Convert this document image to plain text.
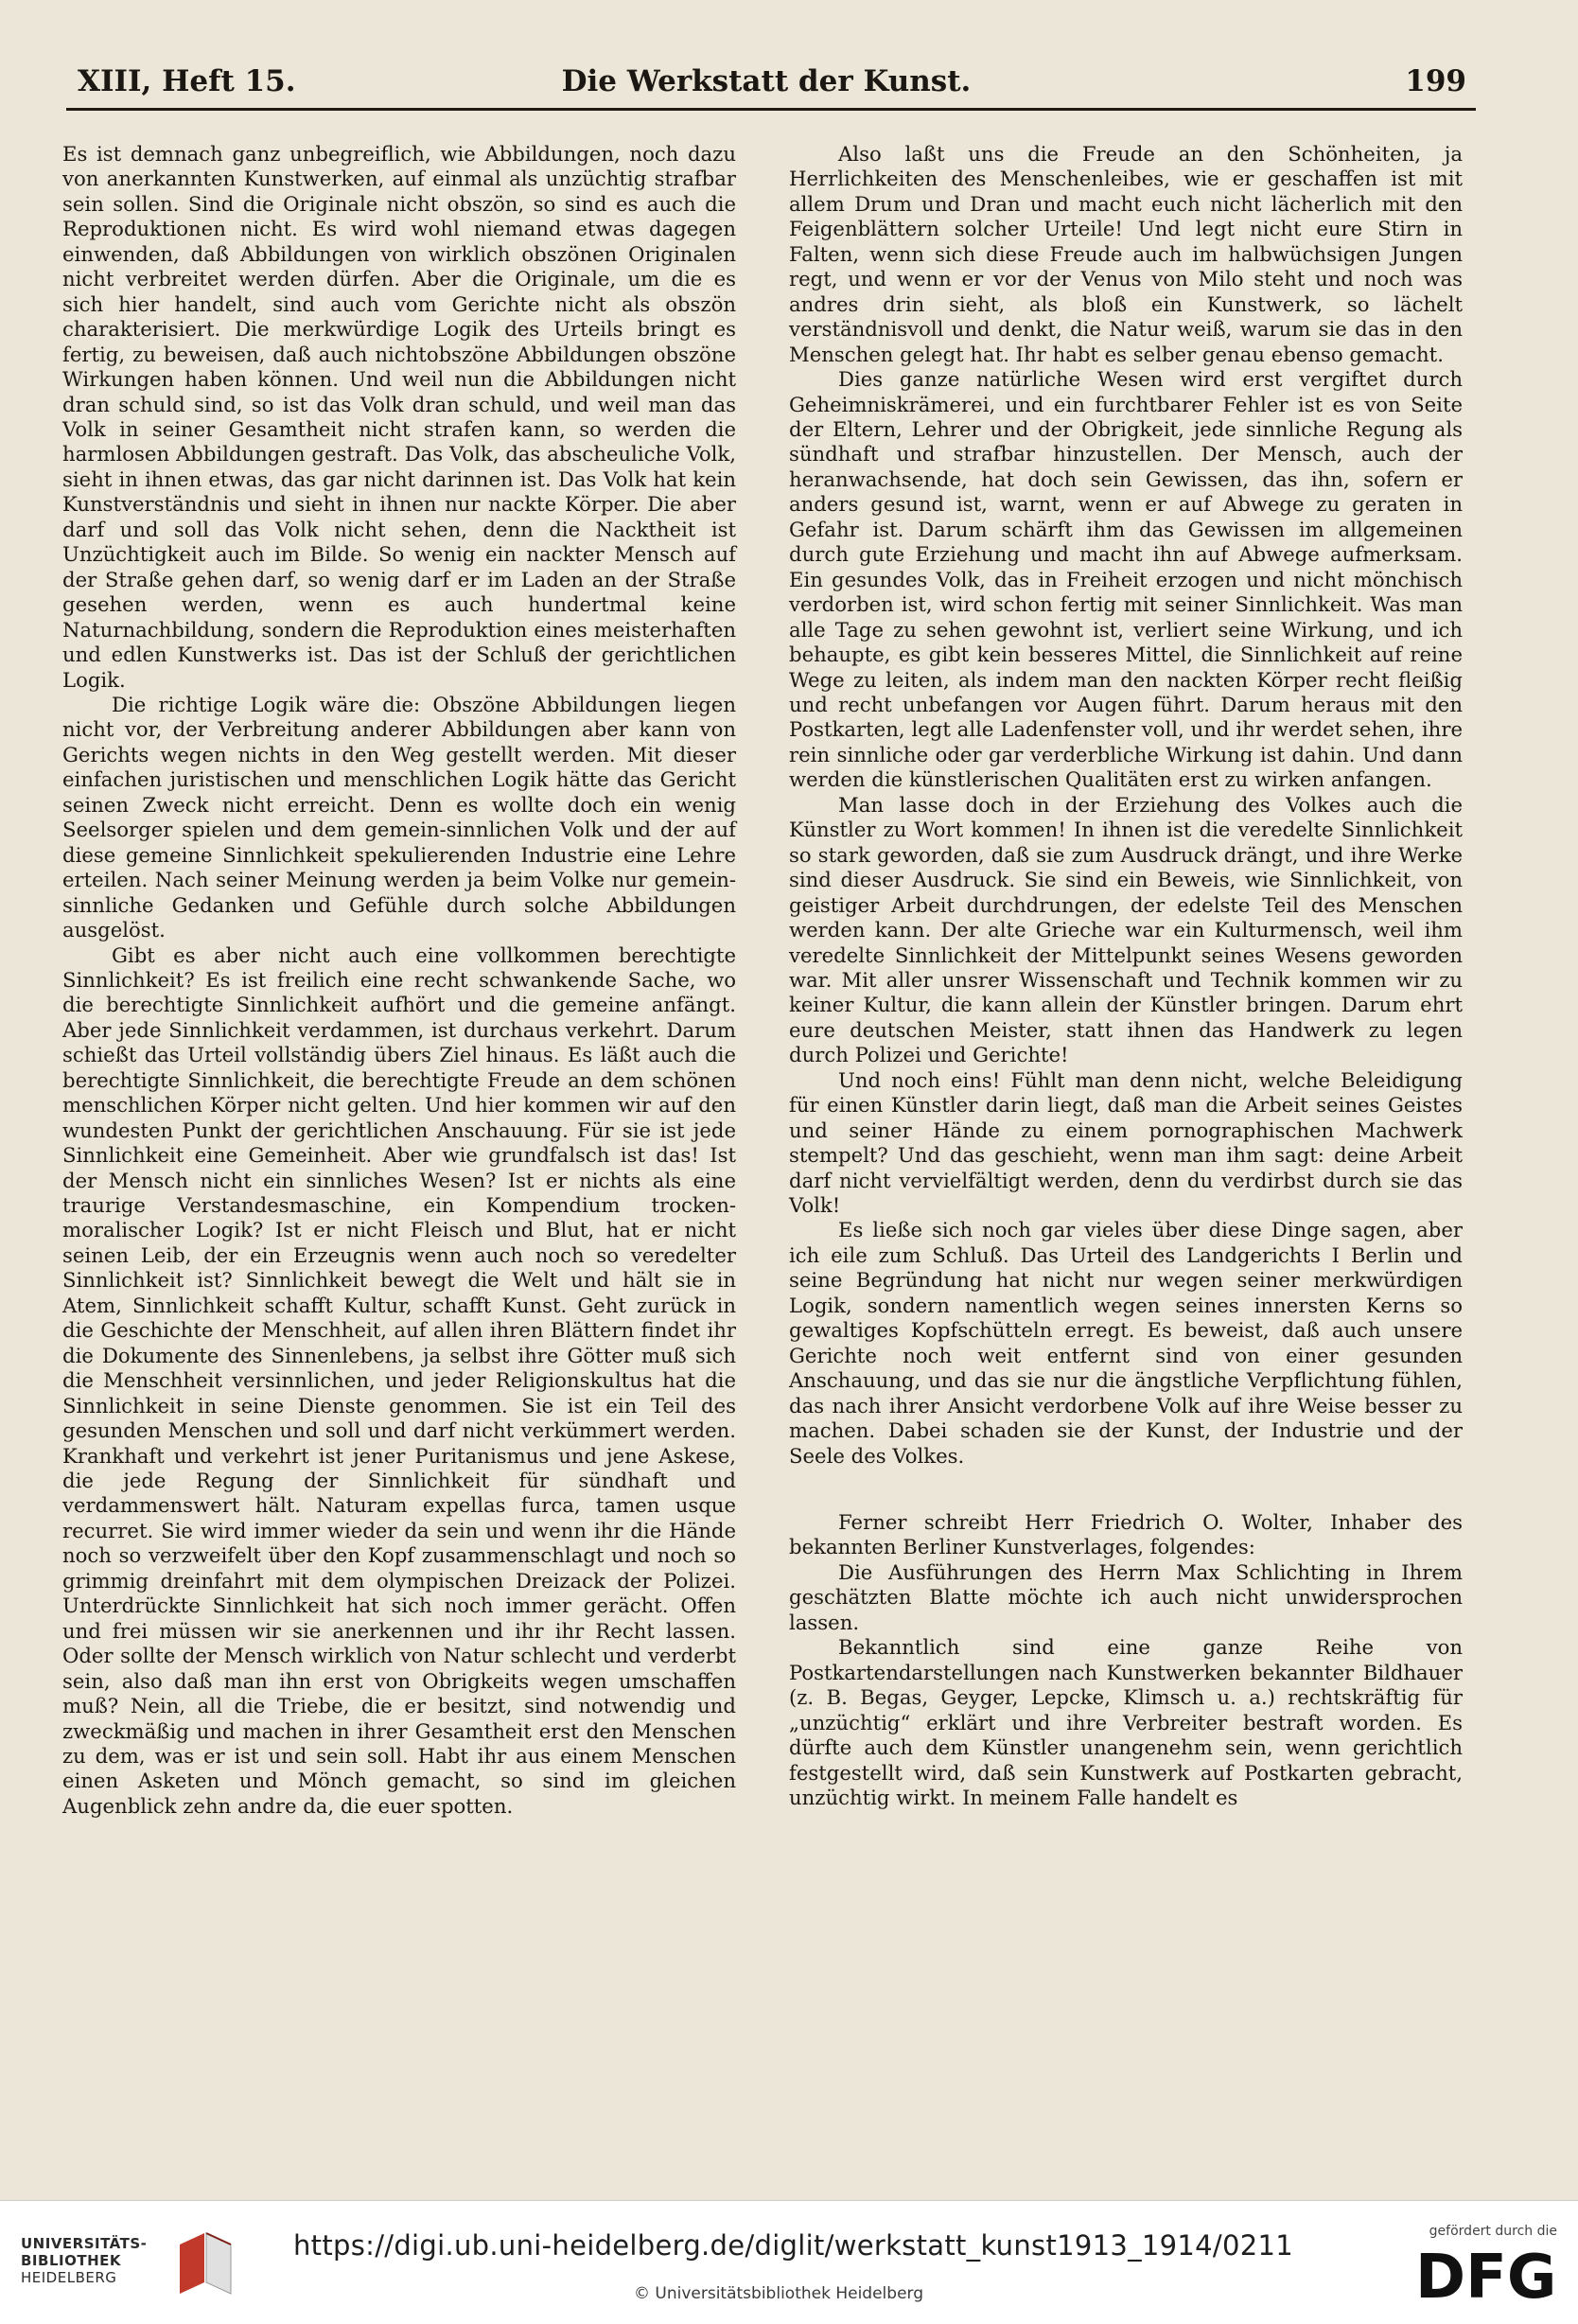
XIII, Heft 15.	Die Werkstatt der Kunst.	199

Es ist demnach ganz unbegreiflich, wie Abbildungen, noch dazu von anerkannten Kunstwerken, auf einmal als unzüchtig strafbar sein sollen. Sind die Originale nicht obszön, so sind es auch die Reproduktionen nicht. Es wird wohl niemand etwas dagegen einwenden, daß Abbildungen von wirklich obszönen Originalen nicht verbreitet werden dürfen. Aber die Originale, um die es sich hier handelt, sind auch vom Gerichte nicht als obszön charakterisiert. Die merkwürdige Logik des Urteils bringt es fertig, zu beweisen, daß auch nichtobszöne Abbildungen obszöne Wirkungen haben können. Und weil nun die Abbildungen nicht dran schuld sind, so ist das Volk dran schuld, und weil man das Volk in seiner Gesamtheit nicht strafen kann, so werden die harmlosen Abbildungen gestraft. Das Volk, das abscheuliche Volk, sieht in ihnen etwas, das gar nicht darinnen ist. Das Volk hat kein Kunstverständnis und sieht in ihnen nur nackte Körper. Die aber darf und soll das Volk nicht sehen, denn die Nacktheit ist Unzüchtigkeit auch im Bilde. So wenig ein nackter Mensch auf der Straße gehen darf, so wenig darf er im Laden an der Straße gesehen werden, wenn es auch hundertmal keine Naturnachbildung, sondern die Reproduktion eines meisterhaften und edlen Kunstwerks ist. Das ist der Schluß der gerichtlichen Logik.

Die richtige Logik wäre die: Obszöne Abbildungen liegen nicht vor, der Verbreitung anderer Abbildungen aber kann von Gerichts wegen nichts in den Weg gestellt werden. Mit dieser einfachen juristischen und menschlichen Logik hätte das Gericht seinen Zweck nicht erreicht. Denn es wollte doch ein wenig Seelsorger spielen und dem gemein-sinnlichen Volk und der auf diese gemeine Sinnlichkeit spekulierenden Industrie eine Lehre erteilen. Nach seiner Meinung werden ja beim Volke nur gemein-sinnliche Gedanken und Gefühle durch solche Abbildungen ausgelöst.

Gibt es aber nicht auch eine vollkommen berechtigte Sinnlichkeit? Es ist freilich eine recht schwankende Sache, wo die berechtigte Sinnlichkeit aufhört und die gemeine anfängt. Aber jede Sinnlichkeit verdammen, ist durchaus verkehrt. Darum schießt das Urteil vollständig übers Ziel hinaus. Es läßt auch die berechtigte Sinnlichkeit, die berechtigte Freude an dem schönen menschlichen Körper nicht gelten. Und hier kommen wir auf den wundesten Punkt der gerichtlichen Anschauung. Für sie ist jede Sinnlichkeit eine Gemeinheit. Aber wie grundfalsch ist das! Ist der Mensch nicht ein sinnliches Wesen? Ist er nichts als eine traurige Verstandesmaschine, ein Kompendium trocken-moralischer Logik? Ist er nicht Fleisch und Blut, hat er nicht seinen Leib, der ein Erzeugnis wenn auch noch so veredelter Sinnlichkeit ist? Sinnlichkeit bewegt die Welt und hält sie in Atem, Sinnlichkeit schafft Kultur, schafft Kunst. Geht zurück in die Geschichte der Menschheit, auf allen ihren Blättern findet ihr die Dokumente des Sinnenlebens, ja selbst ihre Götter muß sich die Menschheit versinnlichen, und jeder Religionskultus hat die Sinnlichkeit in seine Dienste genommen. Sie ist ein Teil des gesunden Menschen und soll und darf nicht verkümmert werden. Krankhaft und verkehrt ist jener Puritanismus und jene Askese, die jede Regung der Sinnlichkeit für sündhaft und verdammenswert hält. Naturam expellas furca, tamen usque recurret. Sie wird immer wieder da sein und wenn ihr die Hände noch so verzweifelt über den Kopf zusammenschlagt und noch so grimmig dreinfahrt mit dem olympischen Dreizack der Polizei. Unterdrückte Sinnlichkeit hat sich noch immer gerächt. Offen und frei müssen wir sie anerkennen und ihr ihr Recht lassen. Oder sollte der Mensch wirklich von Natur schlecht und verderbt sein, also daß man ihn erst von Obrigkeits wegen umschaffen muß? Nein, all die Triebe, die er besitzt, sind notwendig und zweckmäßig und machen in ihrer Gesamtheit erst den Menschen zu dem, was er ist und sein soll. Habt ihr aus einem Menschen einen Asketen und Mönch gemacht, so sind im gleichen Augenblick zehn andre da, die euer spotten.

Also laßt uns die Freude an den Schönheiten, ja Herrlichkeiten des Menschenleibes, wie er geschaffen ist mit allem Drum und Dran und macht euch nicht lächerlich mit den Feigenblättern solcher Urteile! Und legt nicht eure Stirn in Falten, wenn sich diese Freude auch im halbwüchsigen Jungen regt, und wenn er vor der Venus von Milo steht und noch was andres drin sieht, als bloß ein Kunstwerk, so lächelt verständnisvoll und denkt, die Natur weiß, warum sie das in den Menschen gelegt hat. Ihr habt es selber genau ebenso gemacht.

Dies ganze natürliche Wesen wird erst vergiftet durch Geheimniskrämerei, und ein furchtbarer Fehler ist es von Seite der Eltern, Lehrer und der Obrigkeit, jede sinnliche Regung als sündhaft und strafbar hinzustellen. Der Mensch, auch der heranwachsende, hat doch sein Gewissen, das ihn, sofern er anders gesund ist, warnt, wenn er auf Abwege zu geraten in Gefahr ist. Darum schärft ihm das Gewissen im allgemeinen durch gute Erziehung und macht ihn auf Abwege aufmerksam. Ein gesundes Volk, das in Freiheit erzogen und nicht mönchisch verdorben ist, wird schon fertig mit seiner Sinnlichkeit. Was man alle Tage zu sehen gewohnt ist, verliert seine Wirkung, und ich behaupte, es gibt kein besseres Mittel, die Sinnlichkeit auf reine Wege zu leiten, als indem man den nackten Körper recht fleißig und recht unbefangen vor Augen führt. Darum heraus mit den Postkarten, legt alle Ladenfenster voll, und ihr werdet sehen, ihre rein sinnliche oder gar verderbliche Wirkung ist dahin. Und dann werden die künstlerischen Qualitäten erst zu wirken anfangen.

Man lasse doch in der Erziehung des Volkes auch die Künstler zu Wort kommen! In ihnen ist die veredelte Sinnlichkeit so stark geworden, daß sie zum Ausdruck drängt, und ihre Werke sind dieser Ausdruck. Sie sind ein Beweis, wie Sinnlichkeit, von geistiger Arbeit durchdrungen, der edelste Teil des Menschen werden kann. Der alte Grieche war ein Kulturmensch, weil ihm veredelte Sinnlichkeit der Mittelpunkt seines Wesens geworden war. Mit aller unsrer Wissenschaft und Technik kommen wir zu keiner Kultur, die kann allein der Künstler bringen. Darum ehrt eure deutschen Meister, statt ihnen das Handwerk zu legen durch Polizei und Gerichte!

Und noch eins! Fühlt man denn nicht, welche Beleidigung für einen Künstler darin liegt, daß man die Arbeit seines Geistes und seiner Hände zu einem pornographischen Machwerk stempelt? Und das geschieht, wenn man ihm sagt: deine Arbeit darf nicht vervielfältigt werden, denn du verdirbst durch sie das Volk!

Es ließe sich noch gar vieles über diese Dinge sagen, aber ich eile zum Schluß. Das Urteil des Landgerichts I Berlin und seine Begründung hat nicht nur wegen seiner merkwürdigen Logik, sondern namentlich wegen seines innersten Kerns so gewaltiges Kopfschütteln erregt. Es beweist, daß auch unsere Gerichte noch weit entfernt sind von einer gesunden Anschauung, und das sie nur die ängstliche Verpflichtung fühlen, das nach ihrer Ansicht verdorbene Volk auf ihre Weise besser zu machen. Dabei schaden sie der Kunst, der Industrie und der Seele des Volkes.

Ferner schreibt Herr Friedrich O. Wolter, Inhaber des bekannten Berliner Kunstverlages, folgendes:

Die Ausführungen des Herrn Max Schlichting in Ihrem geschätzten Blatte möchte ich auch nicht unwidersprochen lassen.

Bekanntlich sind eine ganze Reihe von Postkartendarstellungen nach Kunstwerken bekannter Bildhauer (z. B. Begas, Geyger, Lepcke, Klimsch u. a.) rechtskräftig für „unzüchtig“ erklärt und ihre Verbreiter bestraft worden. Es dürfte auch dem Künstler unangenehm sein, wenn gerichtlich festgestellt wird, daß sein Kunstwerk auf Postkarten gebracht, unzüchtig wirkt. In meinem Falle handelt es

UNIVERSITÄTS-
BIBLIOTHEK
HEIDELBERG
https://digi.ub.uni-heidelberg.de/diglit/werkstatt_kunst1913_1914/0211
© Universitätsbibliothek Heidelberg
gefördert durch die
DFG
